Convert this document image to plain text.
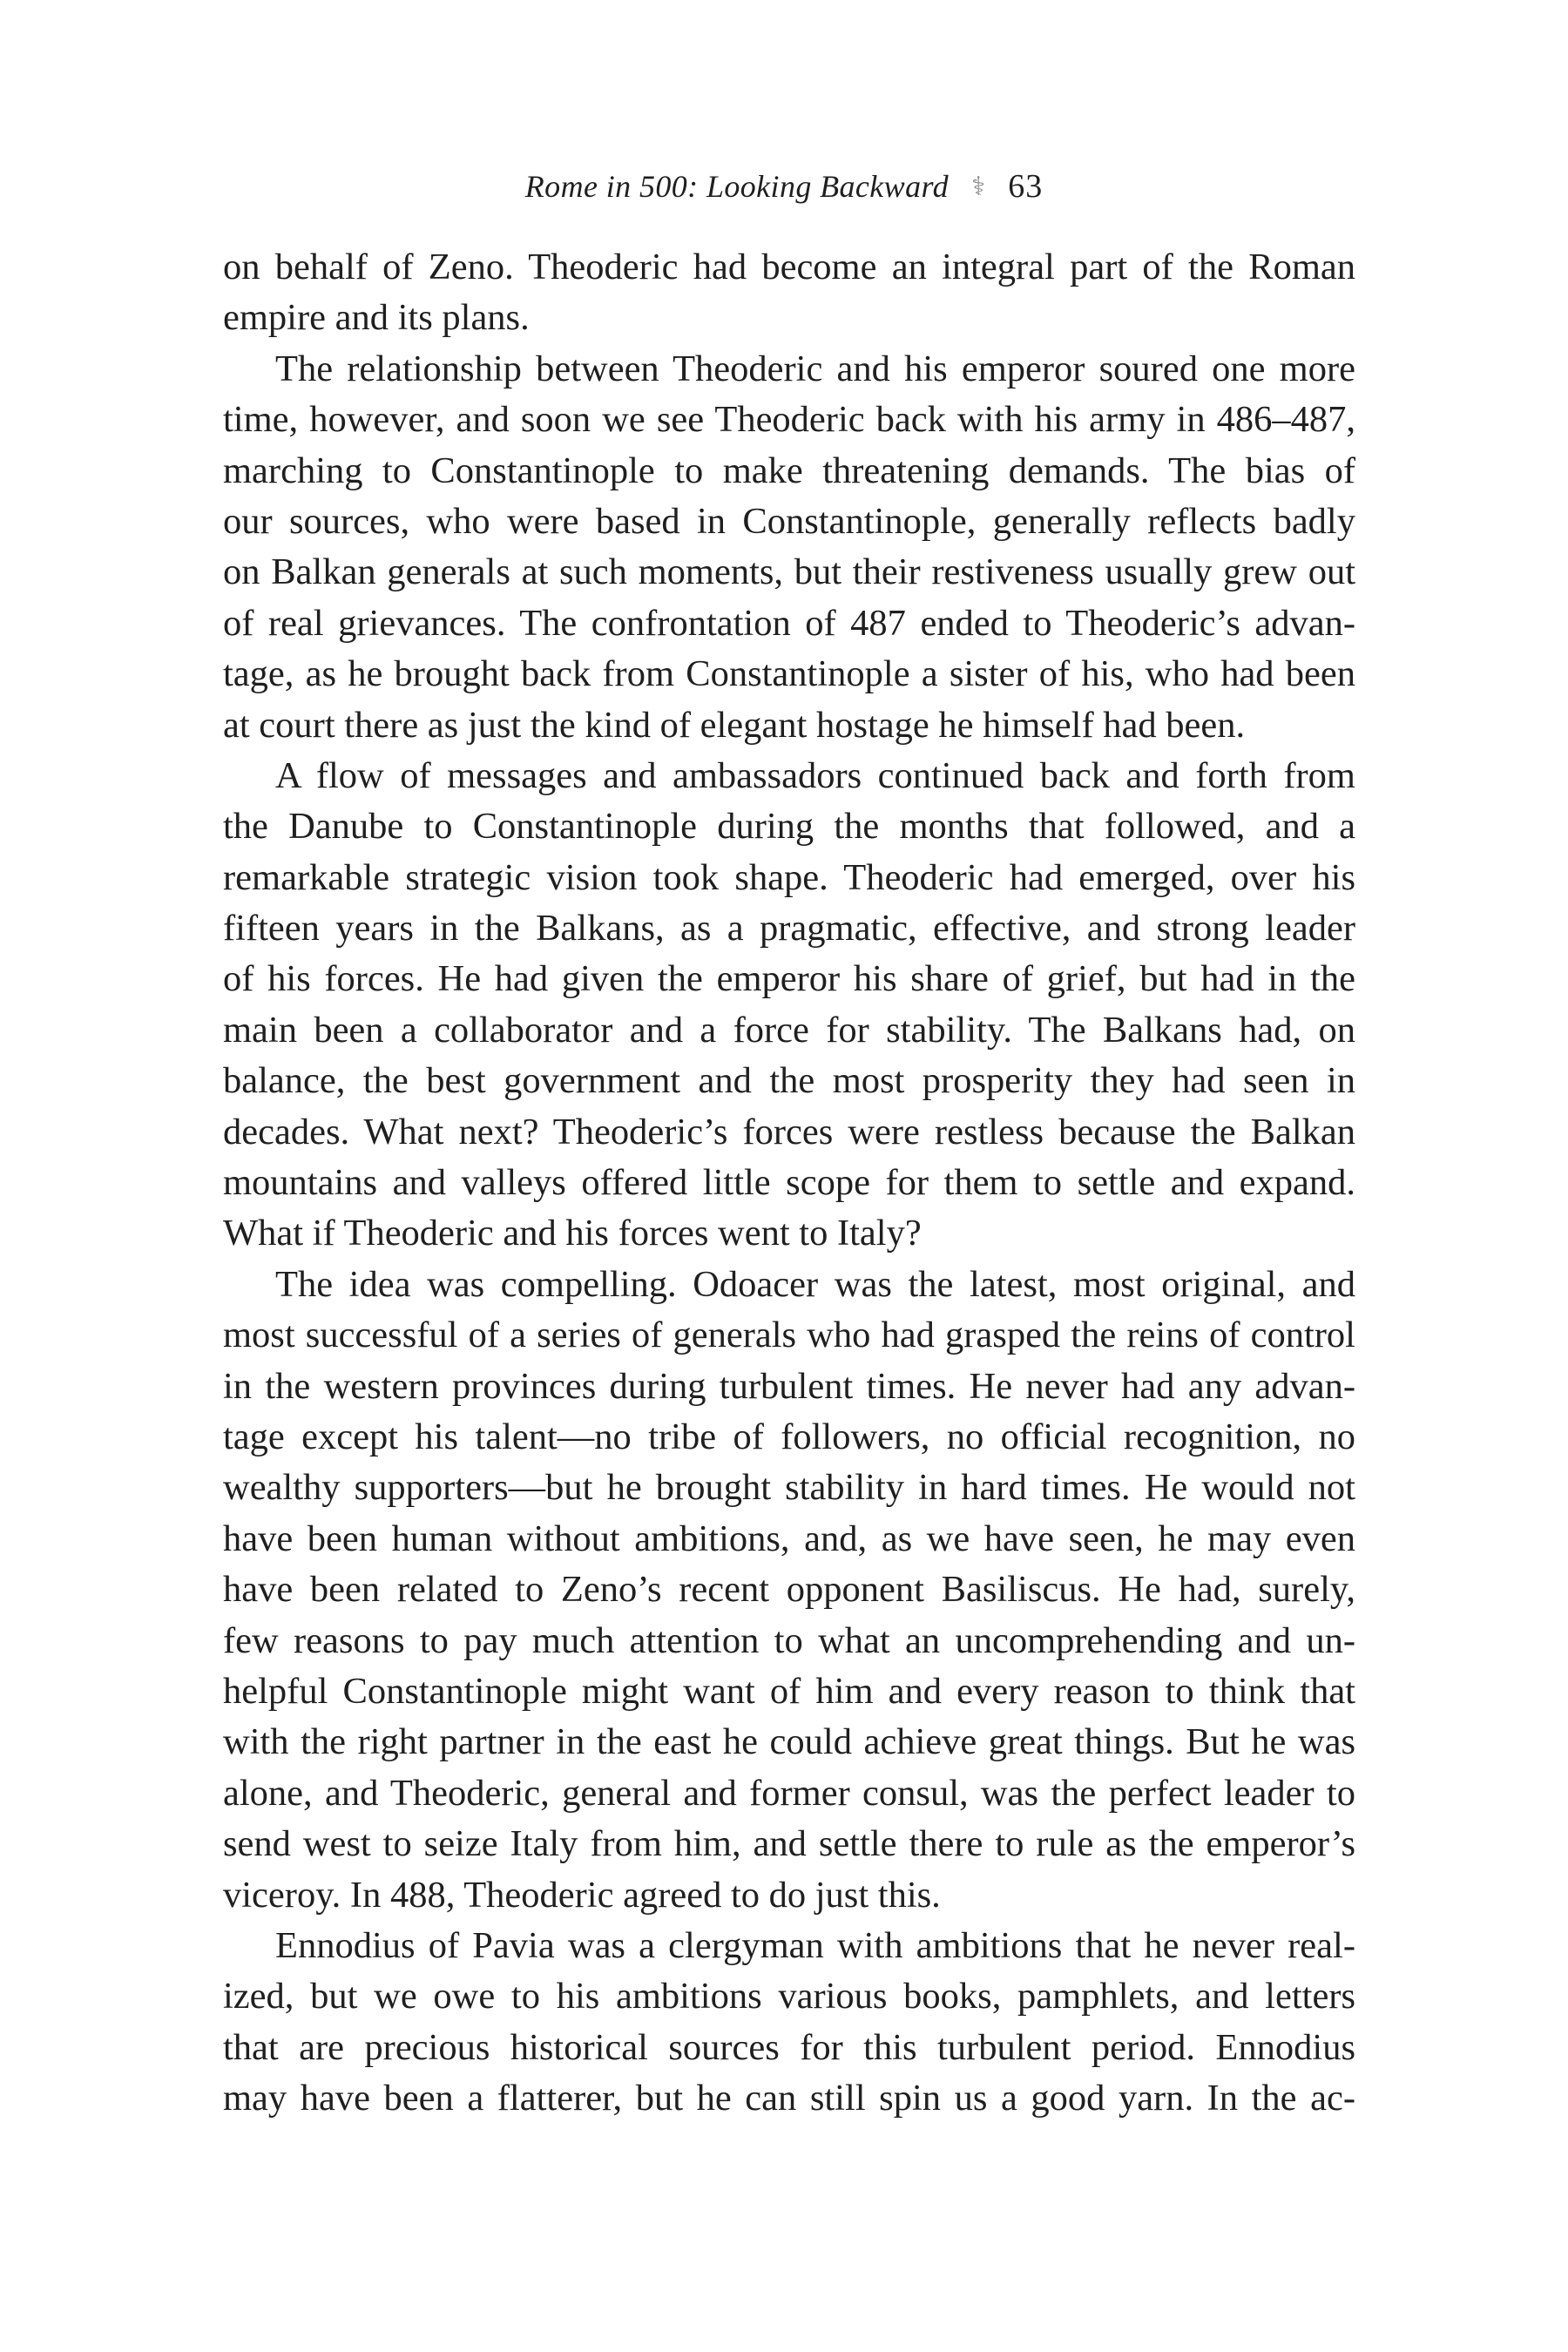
Rome in 500: Looking Backward ⚕ 63
on behalf of Zeno. Theoderic had become an integral part of the Roman
empire and its plans.
The relationship between Theoderic and his emperor soured one more
time, however, and soon we see Theoderic back with his army in 486–487,
marching to Constantinople to make threatening demands. The bias of
our sources, who were based in Constantinople, generally reflects badly
on Balkan generals at such moments, but their restiveness usually grew out
of real grievances. The confrontation of 487 ended to Theoderic’s advan-
tage, as he brought back from Constantinople a sister of his, who had been
at court there as just the kind of elegant hostage he himself had been.
A flow of messages and ambassadors continued back and forth from
the Danube to Constantinople during the months that followed, and a
remarkable strategic vision took shape. Theoderic had emerged, over his
fifteen years in the Balkans, as a pragmatic, effective, and strong leader
of his forces. He had given the emperor his share of grief, but had in the
main been a collaborator and a force for stability. The Balkans had, on
balance, the best government and the most prosperity they had seen in
decades. What next? Theoderic’s forces were restless because the Balkan
mountains and valleys offered little scope for them to settle and expand.
What if Theoderic and his forces went to Italy?
The idea was compelling. Odoacer was the latest, most original, and
most successful of a series of generals who had grasped the reins of control
in the western provinces during turbulent times. He never had any advan-
tage except his talent—no tribe of followers, no official recognition, no
wealthy supporters—but he brought stability in hard times. He would not
have been human without ambitions, and, as we have seen, he may even
have been related to Zeno’s recent opponent Basiliscus. He had, surely,
few reasons to pay much attention to what an uncomprehending and un-
helpful Constantinople might want of him and every reason to think that
with the right partner in the east he could achieve great things. But he was
alone, and Theoderic, general and former consul, was the perfect leader to
send west to seize Italy from him, and settle there to rule as the emperor’s
viceroy. In 488, Theoderic agreed to do just this.
Ennodius of Pavia was a clergyman with ambitions that he never real-
ized, but we owe to his ambitions various books, pamphlets, and letters
that are precious historical sources for this turbulent period. Ennodius
may have been a flatterer, but he can still spin us a good yarn. In the ac-
